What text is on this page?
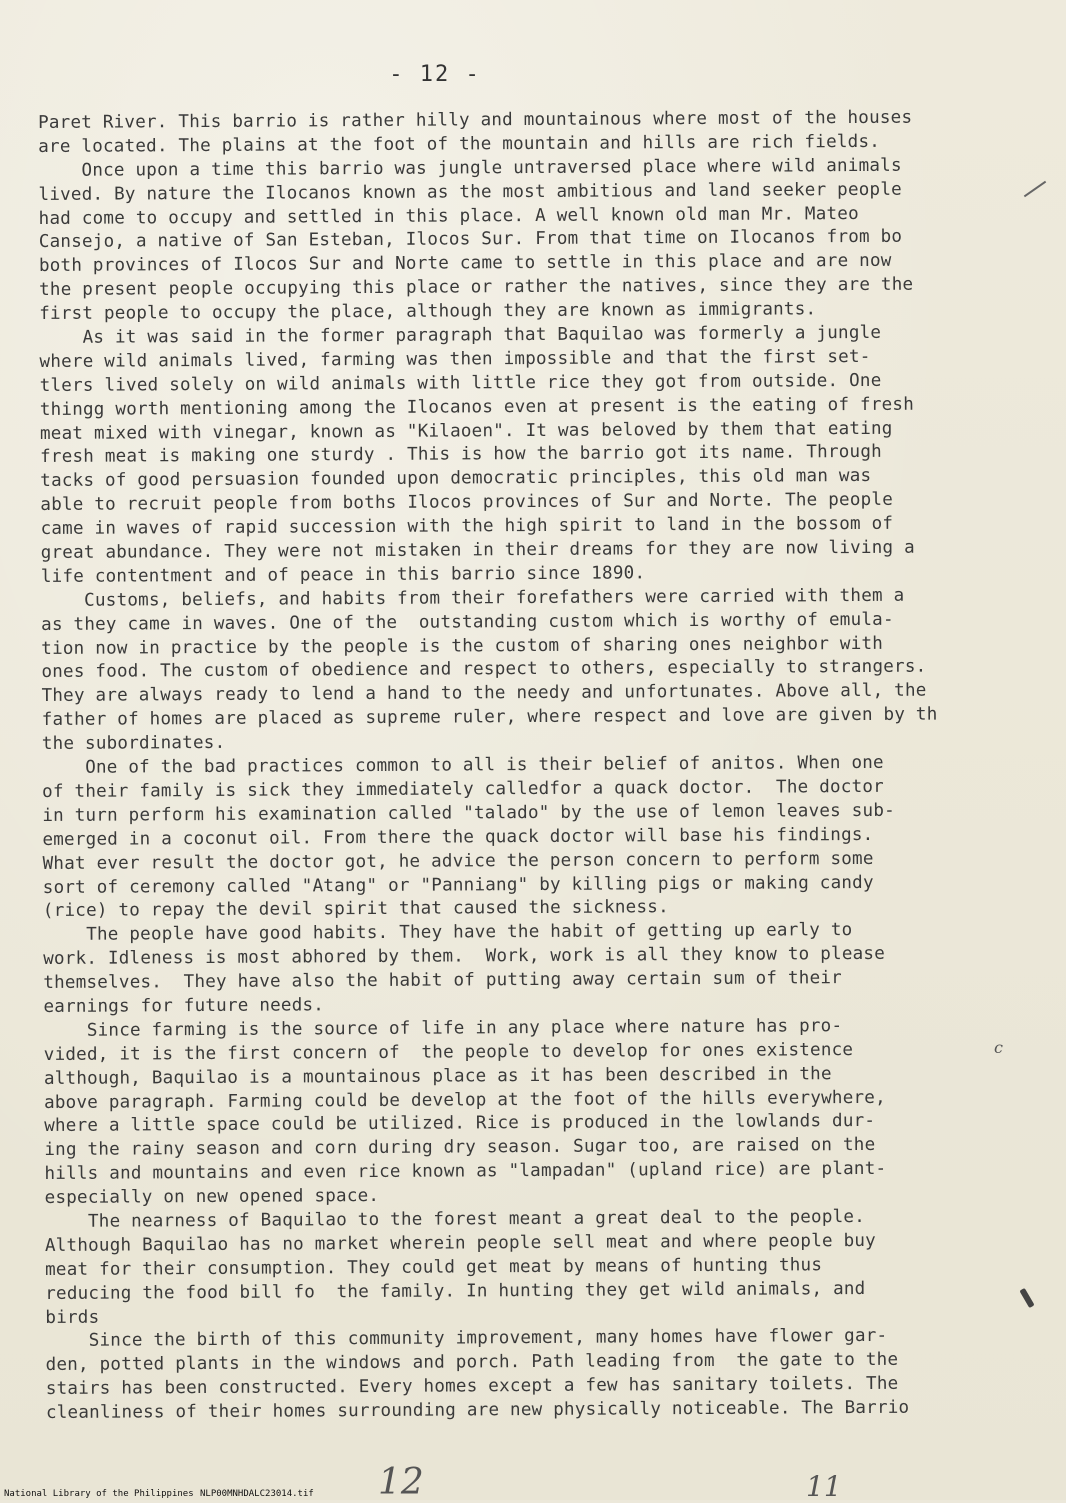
- 12 -
Paret River. This barrio is rather hilly and mountainous where most of the houses
are located. The plains at the foot of the mountain and hills are rich fields.
Once upon a time this barrio was jungle untraversed place where wild animals
lived. By nature the Ilocanos known as the most ambitious and land seeker people
had come to occupy and settled in this place. A well known old man Mr. Mateo
Cansejo, a native of San Esteban, Ilocos Sur. From that time on Ilocanos from bo
both provinces of Ilocos Sur and Norte came to settle in this place and are now
the present people occupying this place or rather the natives, since they are the
first people to occupy the place, although they are known as immigrants.
As it was said in the former paragraph that Baquilao was formerly a jungle
where wild animals lived, farming was then impossible and that the first set-
tlers lived solely on wild animals with little rice they got from outside. One
thingg worth mentioning among the Ilocanos even at present is the eating of fresh
meat mixed with vinegar, known as "Kilaoen". It was beloved by them that eating
fresh meat is making one sturdy . This is how the barrio got its name. Through
tacks of good persuasion founded upon democratic principles, this old man was
able to recruit people from boths Ilocos provinces of Sur and Norte. The people
came in waves of rapid succession with the high spirit to land in the bossom of
great abundance. They were not mistaken in their dreams for they are now living a
life contentment and of peace in this barrio since 1890.
Customs, beliefs, and habits from their forefathers were carried with them a
as they came in waves. One of the  outstanding custom which is worthy of emula-
tion now in practice by the people is the custom of sharing ones neighbor with
ones food. The custom of obedience and respect to others, especially to strangers.
They are always ready to lend a hand to the needy and unfortunates. Above all, the
father of homes are placed as supreme ruler, where respect and love are given by th
the subordinates.
One of the bad practices common to all is their belief of anitos. When one
of their family is sick they immediately calledfor a quack doctor.  The doctor
in turn perform his examination called "talado" by the use of lemon leaves sub-
emerged in a coconut oil. From there the quack doctor will base his findings.
What ever result the doctor got, he advice the person concern to perform some
sort of ceremony called "Atang" or "Panniang" by killing pigs or making candy
(rice) to repay the devil spirit that caused the sickness.
The people have good habits. They have the habit of getting up early to
work. Idleness is most abhored by them.  Work, work is all they know to please
themselves.  They have also the habit of putting away certain sum of their
earnings for future needs.
Since farming is the source of life in any place where nature has pro-
vided, it is the first concern of  the people to develop for ones existence
although, Baquilao is a mountainous place as it has been described in the
above paragraph. Farming could be develop at the foot of the hills everywhere,
where a little space could be utilized. Rice is produced in the lowlands dur-
ing the rainy season and corn during dry season. Sugar too, are raised on the
hills and mountains and even rice known as "lampadan" (upland rice) are plant-
especially on new opened space.
The nearness of Baquilao to the forest meant a great deal to the people.
Although Baquilao has no market wherein people sell meat and where people buy
meat for their consumption. They could get meat by means of hunting thus
reducing the food bill fo  the family. In hunting they get wild animals, and
birds
Since the birth of this community improvement, many homes have flower gar-
den, potted plants in the windows and porch. Path leading from  the gate to the
stairs has been constructed. Every homes except a few has sanitary toilets. The
cleanliness of their homes surrounding are new physically noticeable. The Barrio
c
12	11
National Library of the Philippines NLP00MNHDALC23014.tif
